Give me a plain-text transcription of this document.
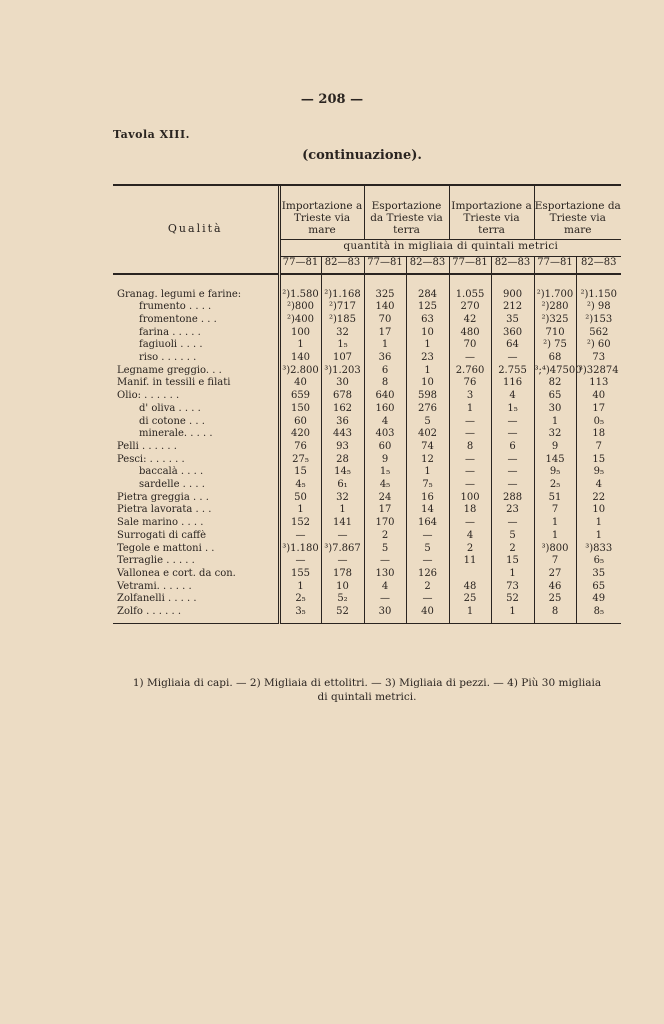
— 208 —
Tavola XIII.
(continuazione).
Qualità	Importazione a Trieste via mare		Esportazione da Trieste via terra		Importazione a Trieste via terra		Esportazione da Trieste via mare	
	quantità in migliaia di quintali metrici							
	77—81	82—83	77—81	82—83	77—81	82—83	77—81	82—83

Granag. legumi e farine:	²)1.580	²)1.168	325	284	1.055	900	²)1.700	²)1.150
frumento . . . .	²)800	²)717	140	125	270	212	²)280	²) 98
fromentone . . .	²)400	²)185	70	63	42	35	²)325	²)153
farina . . . . .	100	32	17	10	480	360	710	562
fagiuoli . . . .	1	1₅	1	1	70	64	²) 75	²) 60
riso . . . . . .	140	107	36	23	—	—	68	73
Legname greggio. . .	³)2.800	³)1.203	6	1	2.760	2.755	³;⁴)47500	³)32874
Manif. in tessili e filati	40	30	8	10	76	116	82	113
Olio: . . . . . .	659	678	640	598	3	4	65	40
d' oliva . . . .	150	162	160	276	1	1₅	30	17
di cotone . . .	60	36	4	5	—	—	1	0₅
minerale. . . . .	420	443	403	402	—	—	32	18
Pelli . . . . . .	76	93	60	74	8	6	9	7
Pesci: . . . . . .	27₅	28	9	12	—	—	145	15
baccalà . . . .	15	14₅	1₅	1	—	—	9₅	9₅
sardelle . . . .	4₅	6₁	4₅	7₅	—	—	2₅	4
Pietra greggia . . .	50	32	24	16	100	288	51	22
Pietra lavorata . . .	1	1	17	14	18	23	7	10
Sale marino . . . .	152	141	170	164	—	—	1	1
Surrogati di caffè	—	—	2	—	4	5	1	1
Tegole e mattoni . .	³)1.180	³)7.867	5	5	2	2	³)800	³)833
Terraglie . . . . .	—	—	—	—	11	15	7	6₅
Vallonea e cort. da con.	155	178	130	126		1	27	35
Vetrami. . . . . .	1	10	4	2	48	73	46	65
Zolfanelli . . . . .	2₅	5₂	—	—	25	52	25	49
Zolfo . . . . . .	3₅	52	30	40	1	1	8	8₅

1) Migliaia di capi. — 2) Migliaia di ettolitri. — 3) Migliaia di pezzi. — 4) Più 30 migliaia
di quintali metrici.
